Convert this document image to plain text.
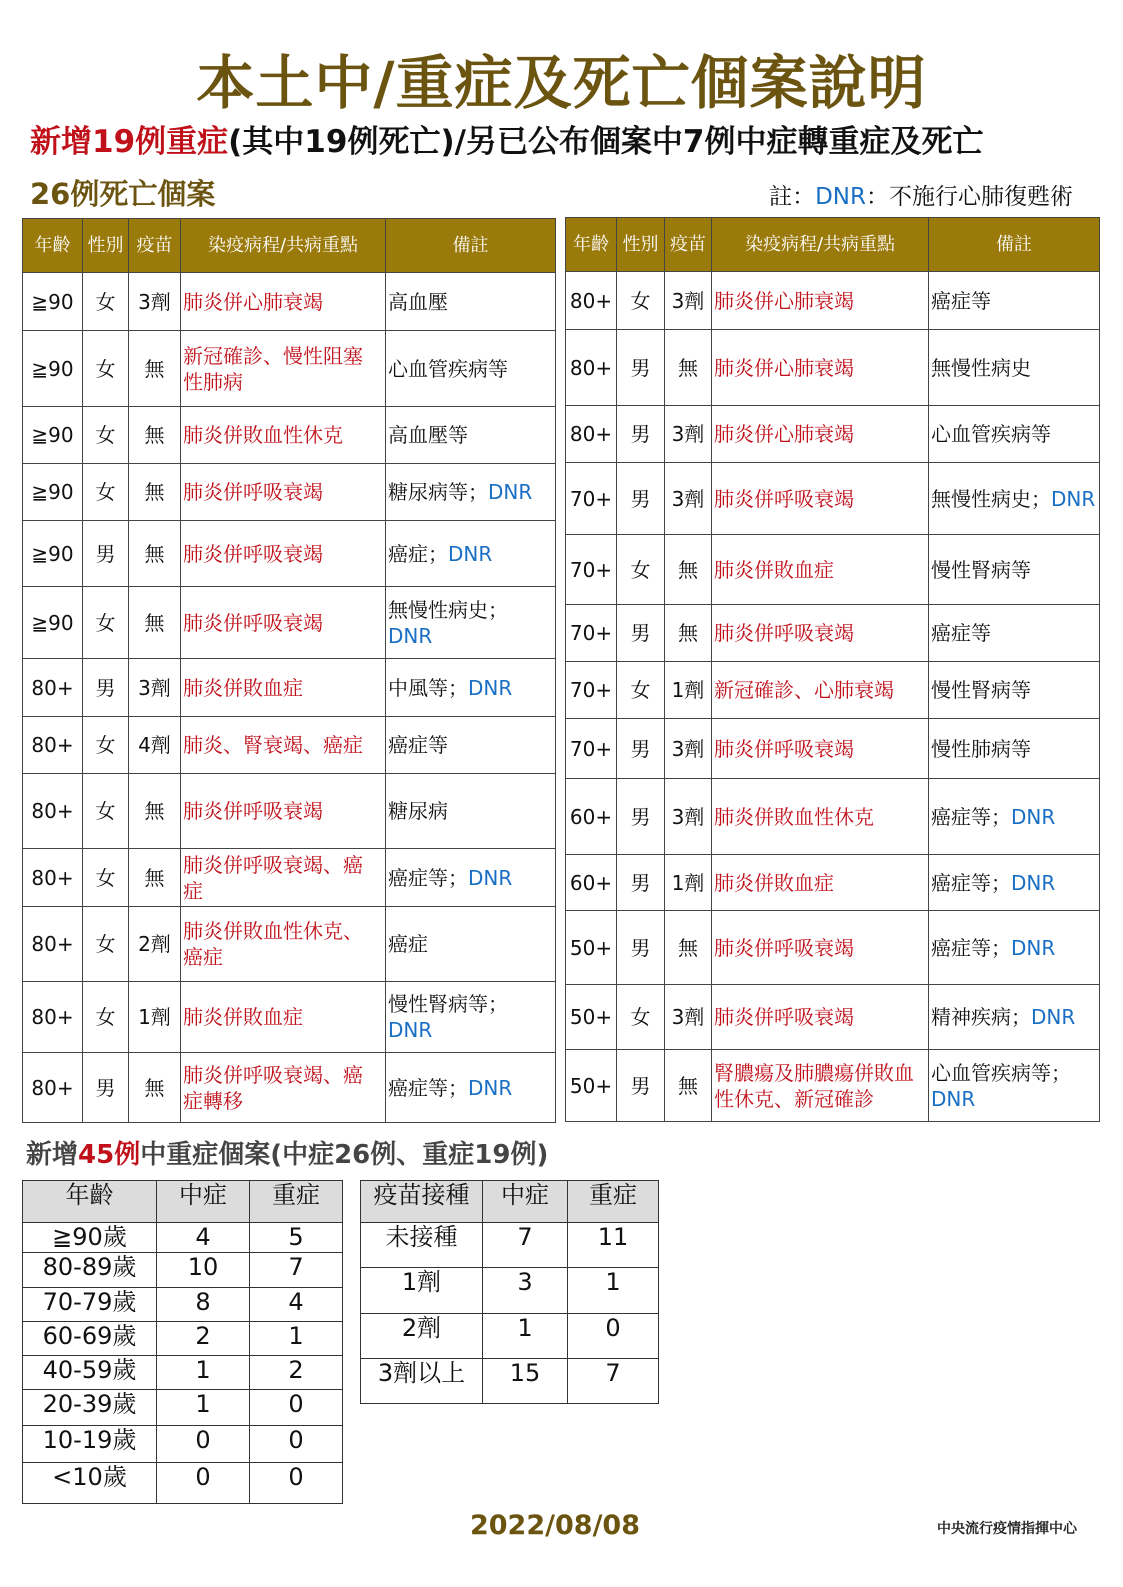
本土中/重症及死亡個案說明
新增19例重症(其中19例死亡)/另已公布個案中7例中症轉重症及死亡
26例死亡個案	註：DNR：不施行心肺復甦術
年齡	性別	疫苗	染疫病程/共病重點	備註
≧90	女	3劑	肺炎併心肺衰竭	高血壓
≧90	女	無	新冠確診、慢性阻塞性肺病	心血管疾病等
≧90	女	無	肺炎併敗血性休克	高血壓等
≧90	女	無	肺炎併呼吸衰竭	糖尿病等；DNR
≧90	男	無	肺炎併呼吸衰竭	癌症；DNR
≧90	女	無	肺炎併呼吸衰竭	無慢性病史；DNR
80+	男	3劑	肺炎併敗血症	中風等；DNR
80+	女	4劑	肺炎、腎衰竭、癌症	癌症等
80+	女	無	肺炎併呼吸衰竭	糖尿病
80+	女	無	肺炎併呼吸衰竭、癌症	癌症等；DNR
80+	女	2劑	肺炎併敗血性休克、癌症	癌症
80+	女	1劑	肺炎併敗血症	慢性腎病等；DNR
80+	男	無	肺炎併呼吸衰竭、癌症轉移	癌症等；DNR
年齡	性別	疫苗	染疫病程/共病重點	備註
80+	女	3劑	肺炎併心肺衰竭	癌症等
80+	男	無	肺炎併心肺衰竭	無慢性病史
80+	男	3劑	肺炎併心肺衰竭	心血管疾病等
70+	男	3劑	肺炎併呼吸衰竭	無慢性病史；DNR
70+	女	無	肺炎併敗血症	慢性腎病等
70+	男	無	肺炎併呼吸衰竭	癌症等
70+	女	1劑	新冠確診、心肺衰竭	慢性腎病等
70+	男	3劑	肺炎併呼吸衰竭	慢性肺病等
60+	男	3劑	肺炎併敗血性休克	癌症等；DNR
60+	男	1劑	肺炎併敗血症	癌症等；DNR
50+	男	無	肺炎併呼吸衰竭	癌症等；DNR
50+	女	3劑	肺炎併呼吸衰竭	精神疾病；DNR
50+	男	無	腎膿瘍及肺膿瘍併敗血性休克、新冠確診	心血管疾病等；DNR
新增45例中重症個案(中症26例、重症19例)
年齡	中症	重症
≧90歲	4	5
80-89歲	10	7
70-79歲	8	4
60-69歲	2	1
40-59歲	1	2
20-39歲	1	0
10-19歲	0	0
<10歲	0	0
疫苗接種	中症	重症
未接種	7	11
1劑	3	1
2劑	1	0
3劑以上	15	7
2022/08/08	中央流行疫情指揮中心
